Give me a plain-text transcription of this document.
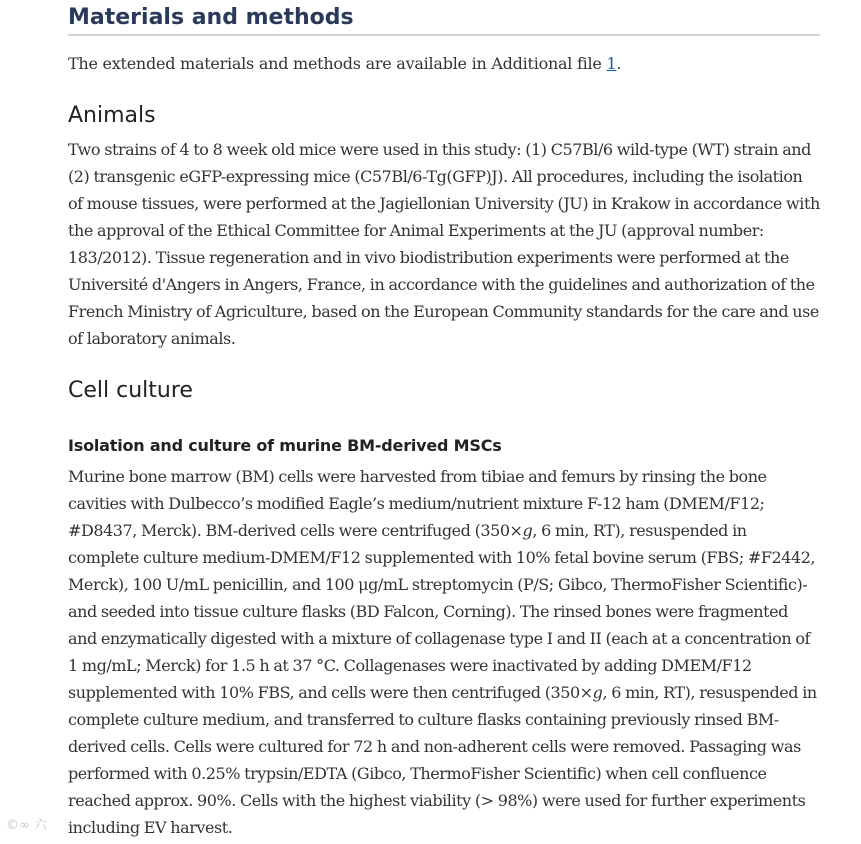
Materials and methods

The extended materials and methods are available in Additional file 1.

Animals

Two strains of 4 to 8 week old mice were used in this study: (1) C57Bl/6 wild-type (WT) strain and (2) transgenic eGFP-expressing mice (C57Bl/6-Tg(GFP)J). All procedures, including the isolation of mouse tissues, were performed at the Jagiellonian University (JU) in Krakow in accordance with the approval of the Ethical Committee for Animal Experiments at the JU (approval number: 183/2012). Tissue regeneration and in vivo biodistribution experiments were performed at the Université d'Angers in Angers, France, in accordance with the guidelines and authorization of the French Ministry of Agriculture, based on the European Community standards for the care and use of laboratory animals.

Cell culture
Isolation and culture of murine BM-derived MSCs

Murine bone marrow (BM) cells were harvested from tibiae and femurs by rinsing the bone cavities with Dulbecco’s modified Eagle’s medium/nutrient mixture F-12 ham (DMEM/F12; #D8437, Merck). BM-derived cells were centrifuged (350×g, 6 min, RT), resuspended in complete culture medium-DMEM/F12 supplemented with 10% fetal bovine serum (FBS; #F2442, Merck), 100 U/mL penicillin, and 100 μg/mL streptomycin (P/S; Gibco, ThermoFisher Scientific)-and seeded into tissue culture flasks (BD Falcon, Corning). The rinsed bones were fragmented and enzymatically digested with a mixture of collagenase type I and II (each at a concentration of 1 mg/mL; Merck) for 1.5 h at 37 °C. Collagenases were inactivated by adding DMEM/F12 supplemented with 10% FBS, and cells were then centrifuged (350×g, 6 min, RT), resuspended in complete culture medium, and transferred to culture flasks containing previously rinsed BM-derived cells. Cells were cultured for 72 h and non-adherent cells were removed. Passaging was performed with 0.25% trypsin/EDTA (Gibco, ThermoFisher Scientific) when cell confluence reached approx. 90%. Cells with the highest viability (> 98%) were used for further experiments including EV harvest.

©∞ 六
